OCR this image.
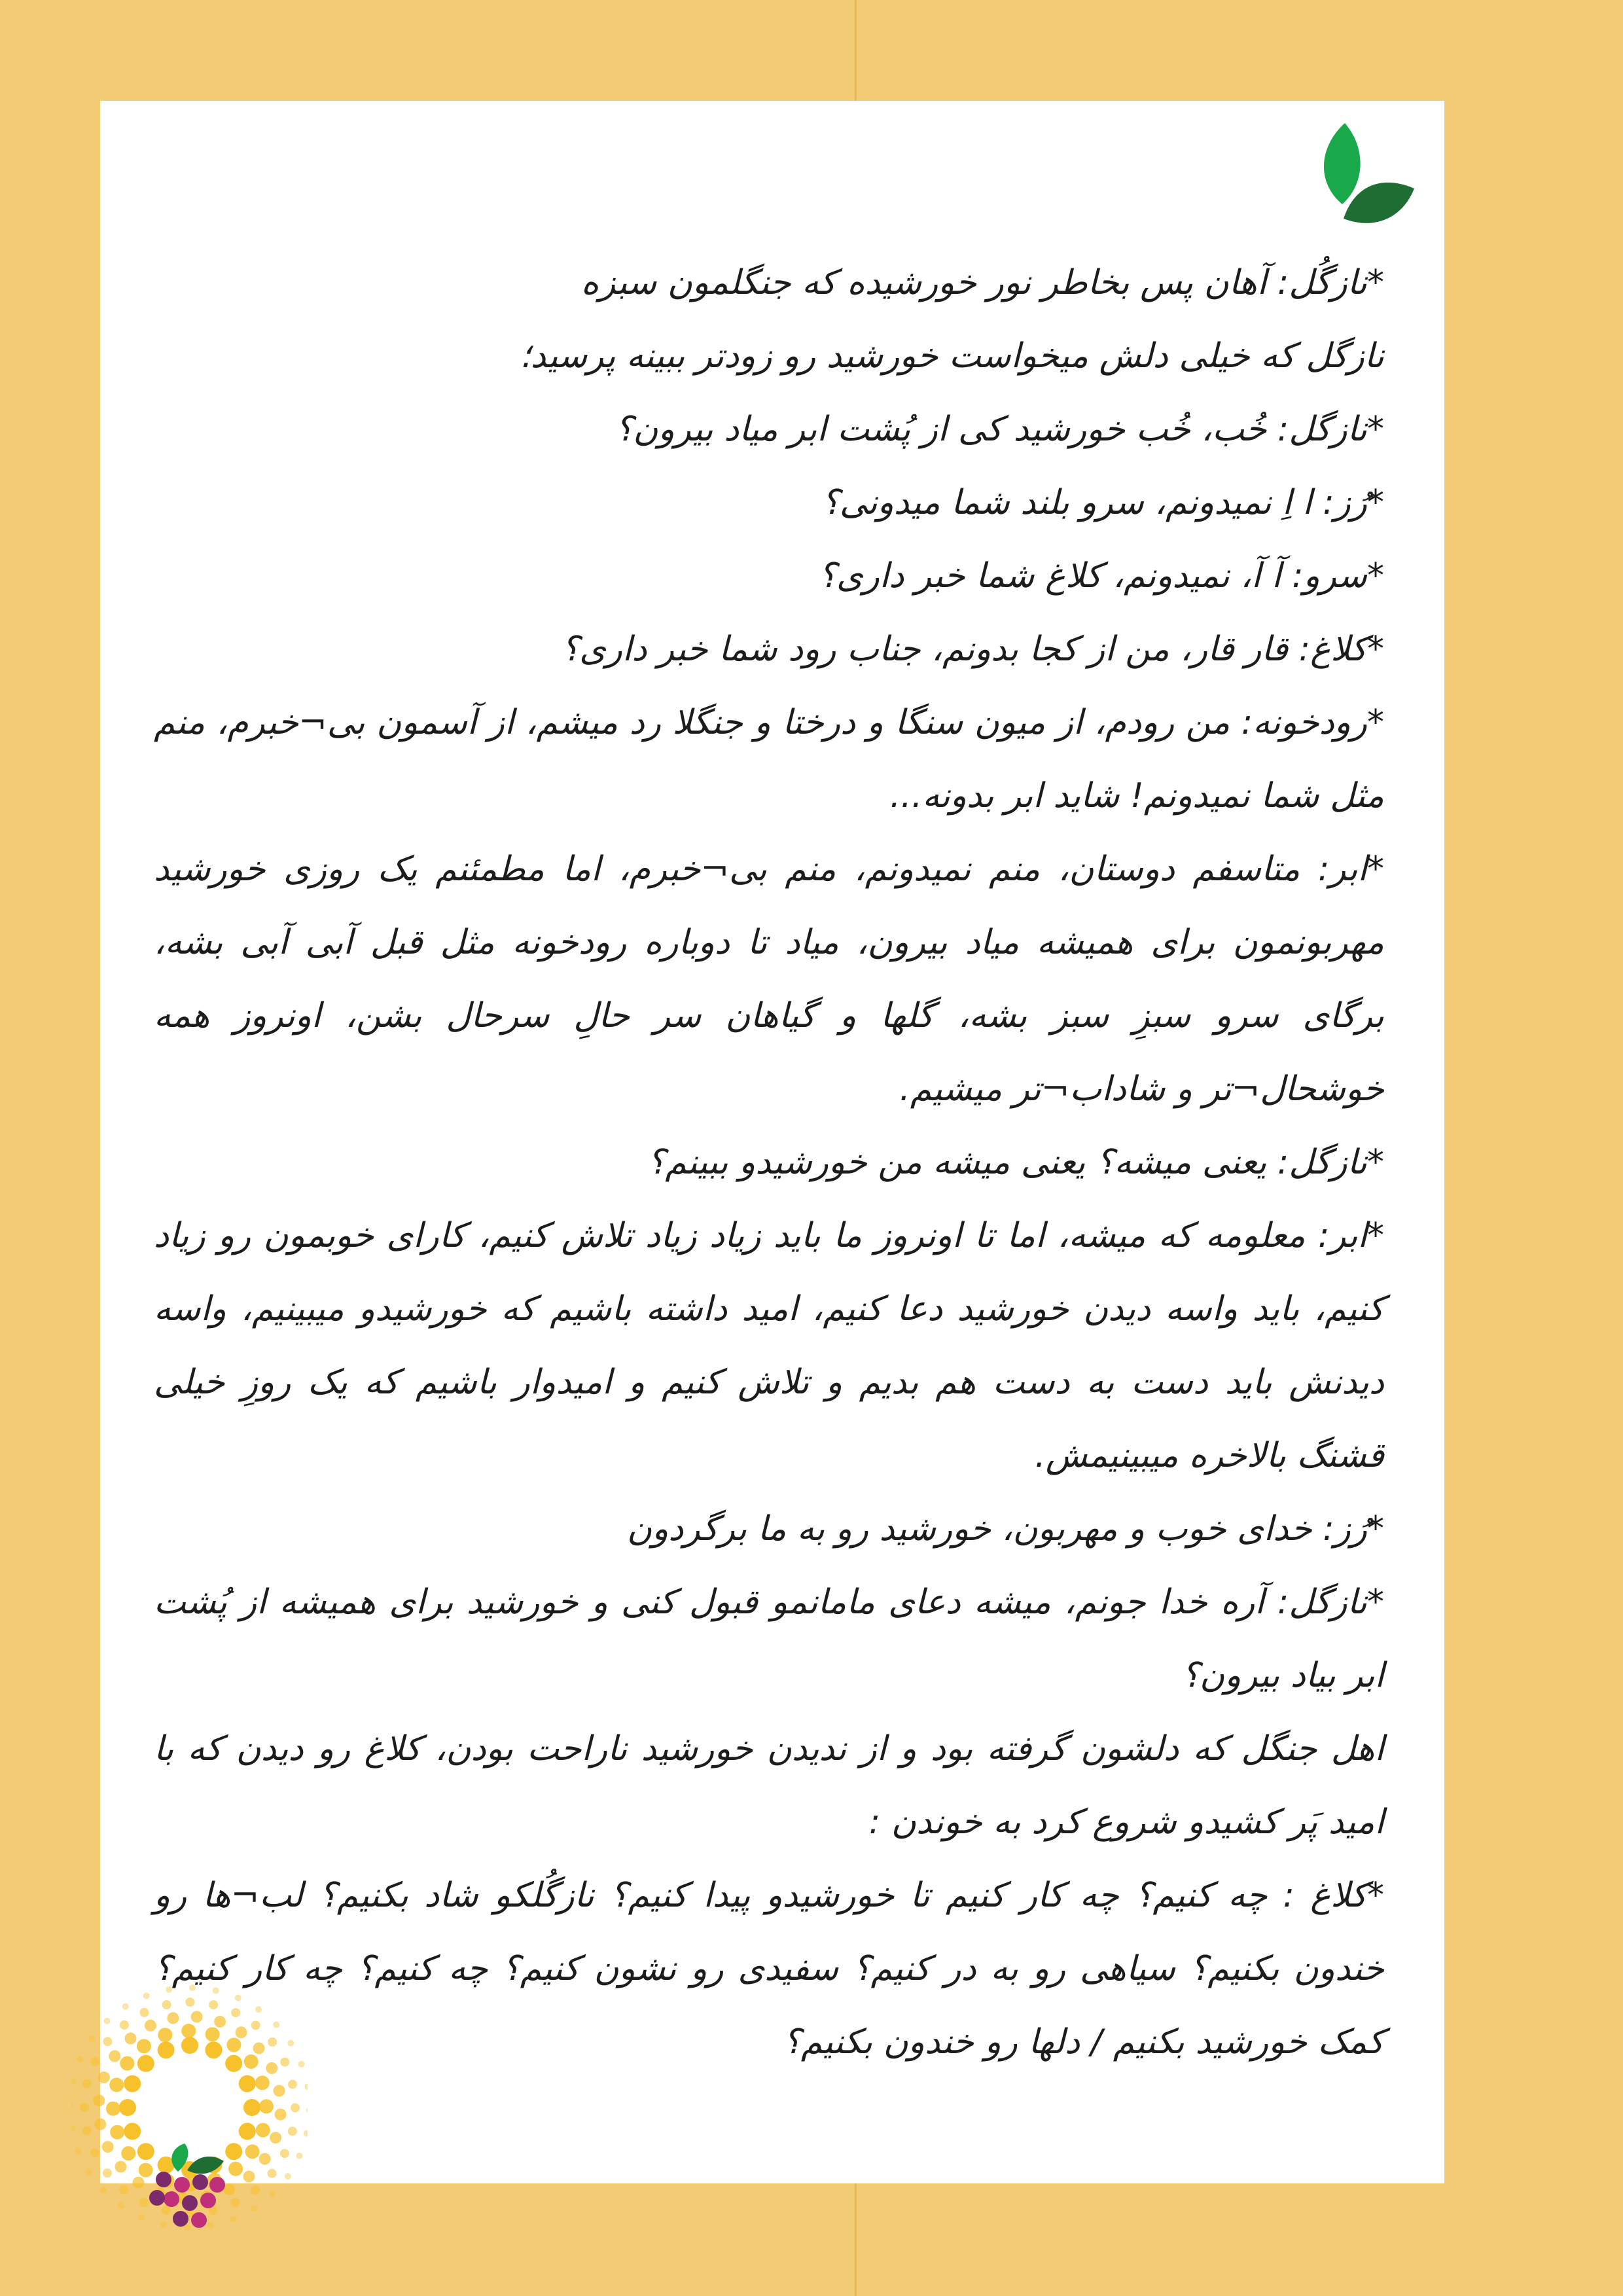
*نازگُل: آهان پس بخاطر نور خورشیده که جنگلمون سبزه

نازگل که خیلی دلش میخواست خورشید رو زودتر ببینه پرسید؛

*نازگل: خُب، خُب خورشید کی از پُشت ابر میاد بیرون؟

*رُز: ا اِ نمیدونم، سرو بلند شما میدونی؟

*سرو: آ آ، نمیدونم، کلاغ شما خبر داری؟

*کلاغ: قار قار، من از کجا بدونم، جناب رود شما خبر داری؟

*رودخونه: من رودم، از میون سنگا و درختا و جنگلا رد میشم، از آسمون بی¬خبرم، منم مثل شما نمیدونم! شاید ابر بدونه...

*ابر: متاسفم دوستان، منم نمیدونم، منم بی¬خبرم، اما مطمئنم یک روزی خورشید مهربونمون برای همیشه میاد بیرون، میاد تا دوباره رودخونه مثل قبل آبی آبی بشه، برگای سرو سبزِ سبز بشه، گلها و گیاهان سر حالِ سرحال بشن، اونروز همه خوشحال¬تر و شاداب¬تر میشیم.

*نازگل: یعنی میشه؟ یعنی میشه من خورشیدو ببینم؟

*ابر: معلومه که میشه، اما تا اونروز ما باید زیاد زیاد تلاش کنیم، کارای خوبمون رو زیاد کنیم، باید واسه دیدن خورشید دعا کنیم، امید داشته باشیم که خورشیدو میبینیم، واسه دیدنش باید دست به دست هم بدیم و تلاش کنیم و امیدوار باشیم که یک روزِ خیلی قشنگ بالاخره میبینیمش.

*رُز: خدای خوب و مهربون، خورشید رو به ما برگردون

*نازگل: آره خدا جونم، میشه دعای مامانمو قبول کنی و خورشید برای همیشه از پُشت ابر بیاد بیرون؟

اهل جنگل که دلشون گرفته بود و از ندیدن خورشید ناراحت بودن، کلاغ رو دیدن که با امید پَر کشیدو شروع کرد به خوندن :

*کلاغ : چه کنیم؟ چه کار کنیم تا خورشیدو پیدا کنیم؟ نازگُلکو شاد بکنیم؟ لب¬ها رو خندون بکنیم؟ سیاهی رو به در کنیم؟ سفیدی رو نشون کنیم؟ چه کنیم؟ چه کار کنیم؟ کمک خورشید بکنیم / دلها رو خندون بکنیم؟
